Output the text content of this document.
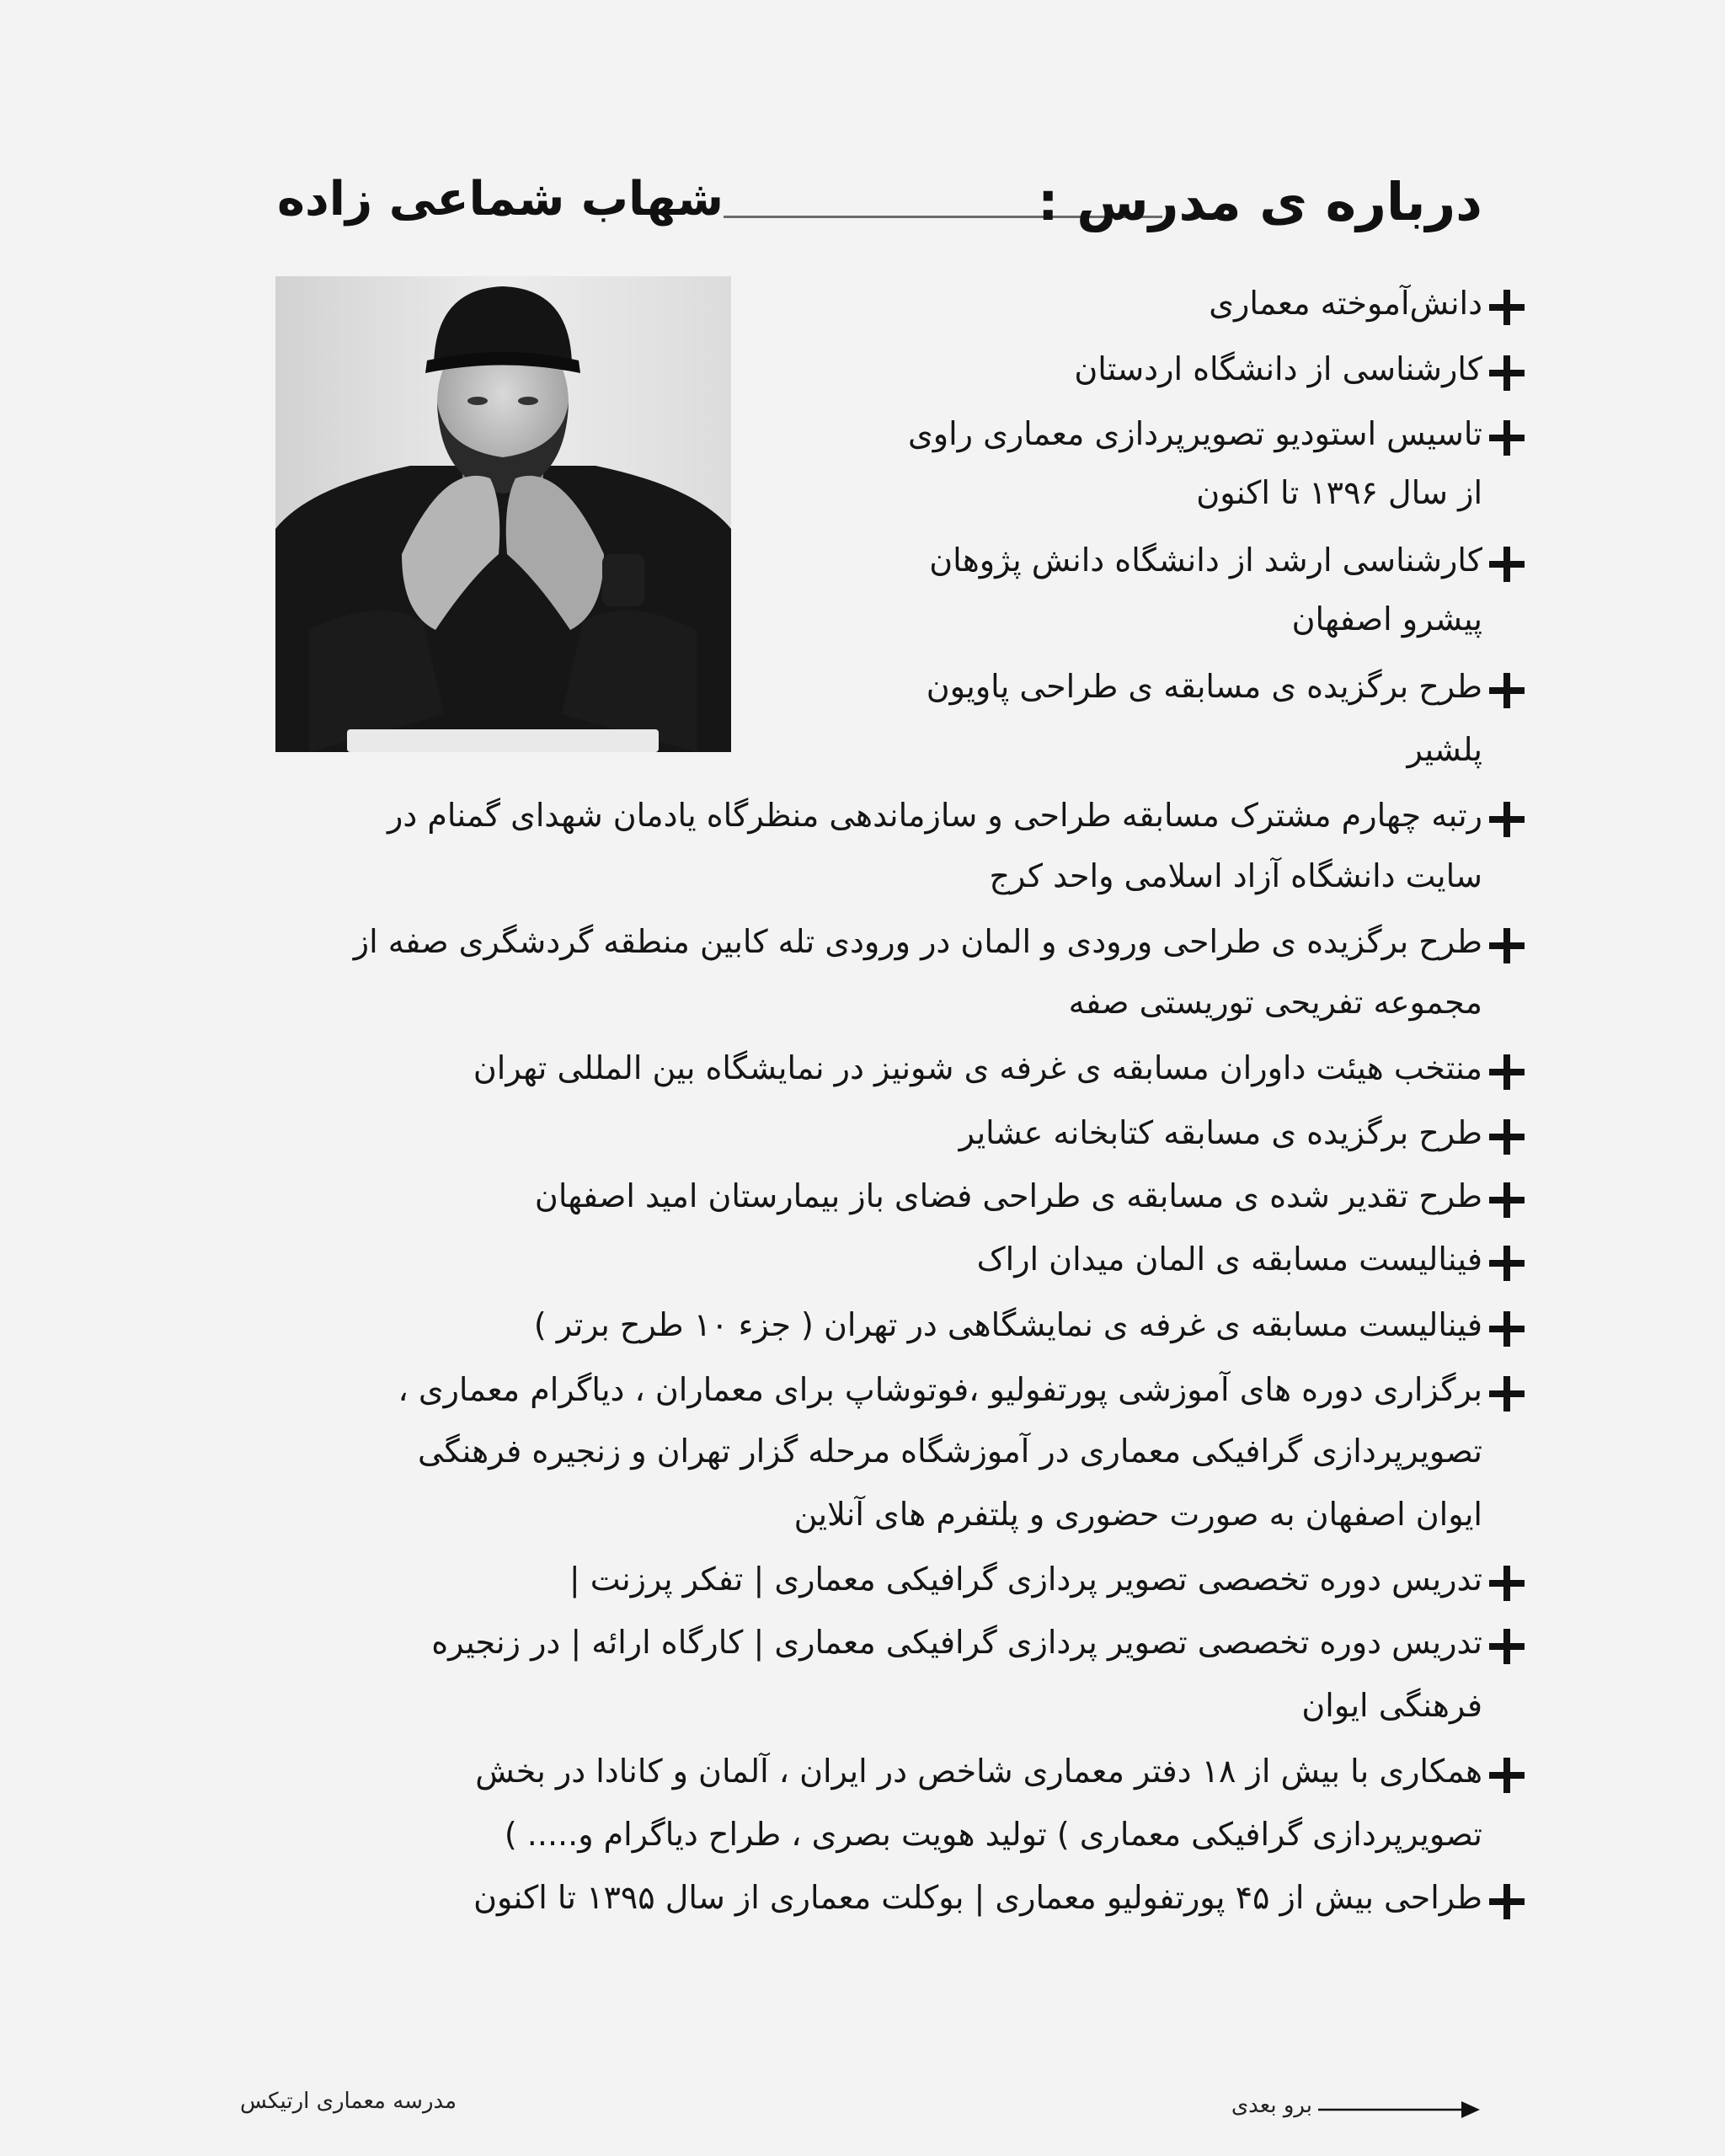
درباره ی مدرس :
شهاب شماعی زاده
دانش‌آموخته معماری
کارشناسی از دانشگاه اردستان
تاسیس استودیو تصویرپردازی معماری راوی
از سال ۱۳۹۶ تا اکنون
کارشناسی ارشد از دانشگاه دانش پژوهان
پیشرو اصفهان
طرح برگزیده ی مسابقه ی طراحی پاویون
پلشیر
رتبه چهارم مشترک مسابقه طراحی و سازماندهی منظرگاه یادمان شهدای گمنام در
سایت دانشگاه آزاد اسلامی واحد کرج
طرح برگزیده ی طراحی ورودی و المان در ورودی تله کابین منطقه گردشگری صفه از
مجموعه تفریحی توریستی صفه
منتخب هیئت داوران مسابقه ی غرفه ی شونیز در نمایشگاه بین المللی تهران
طرح برگزیده ی مسابقه کتابخانه عشایر
طرح تقدیر شده ی مسابقه ی طراحی فضای باز بیمارستان امید اصفهان
فینالیست مسابقه ی المان میدان اراک
فینالیست مسابقه ی غرفه ی نمایشگاهی در تهران ( جزء ۱۰ طرح برتر )
برگزاری دوره های آموزشی پورتفولیو ،فوتوشاپ برای معماران ، دیاگرام معماری ،
تصویرپردازی گرافیکی معماری در آموزشگاه مرحله گزار تهران و زنجیره فرهنگی
ایوان اصفهان به صورت حضوری و پلتفرم های آنلاین
تدریس دوره تخصصی تصویر پردازی گرافیکی معماری | تفکر پرزنت |
تدریس دوره تخصصی تصویر پردازی گرافیکی معماری | کارگاه ارائه | در زنجیره
فرهنگی ایوان
همکاری با بیش از ۱۸ دفتر معماری شاخص در ایران ، آلمان و کانادا در بخش
تصویرپردازی گرافیکی معماری ) تولید هویت بصری ، طراح دیاگرام و..... )
طراحی بیش از ۴۵ پورتفولیو معماری | بوکلت معماری از سال ۱۳۹۵ تا اکنون
مدرسه معماری ارتیکس	برو بعدی
